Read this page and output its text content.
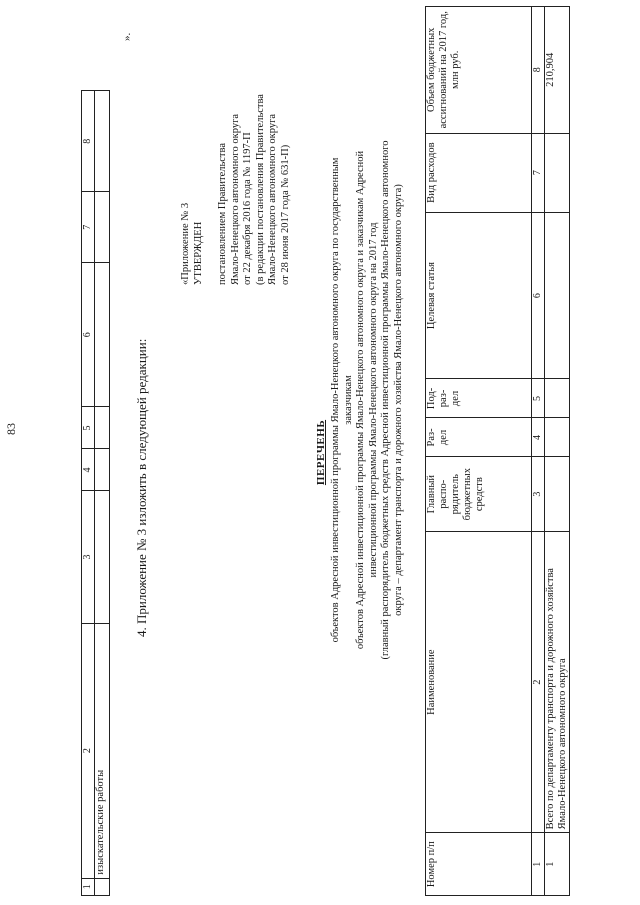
1	2	3	4	5	6	7	8
	изыскательские работы						
83
».
4. Приложение № 3 изложить в следующей редакции:
«Приложение № 3 УТВЕРЖДЕН постановлением Правительства Ямало-Ненецкого автономного округа от 22 декабря 2016 года № 1197-П (в редакции постановления Правительства Ямало-Ненецкого автономного округа от 28 июня 2017 года № 631-П)
ПЕРЕЧЕНЬ объектов Адресной инвестиционной программы Ямало-Ненецкого автономного округа по государственным заказчикам объектов Адресной инвестиционной программы Ямало-Ненецкого автономного округа и заказчикам Адресной инвестиционной программы Ямало-Ненецкого автономного округа на 2017 год (главный распорядитель бюджетных средств Адресной инвестиционной программы Ямало-Ненецкого автономного округа – департамент транспорта и дорожного хозяйства Ямало-Ненецкого автономного округа)
Номер п/п	Наименование	Главный распо-рядитель бюджетных средств	Раз-дел	Под-раз-дел	Целевая статья	Вид расходов	Объем бюджетных ассигнований на 2017 год, млн руб.
1	2	3	4	5	6	7	8
1	Всего по департаменту транспорта и дорожного хозяйства Ямало-Ненецкого автономного округа						210,904
